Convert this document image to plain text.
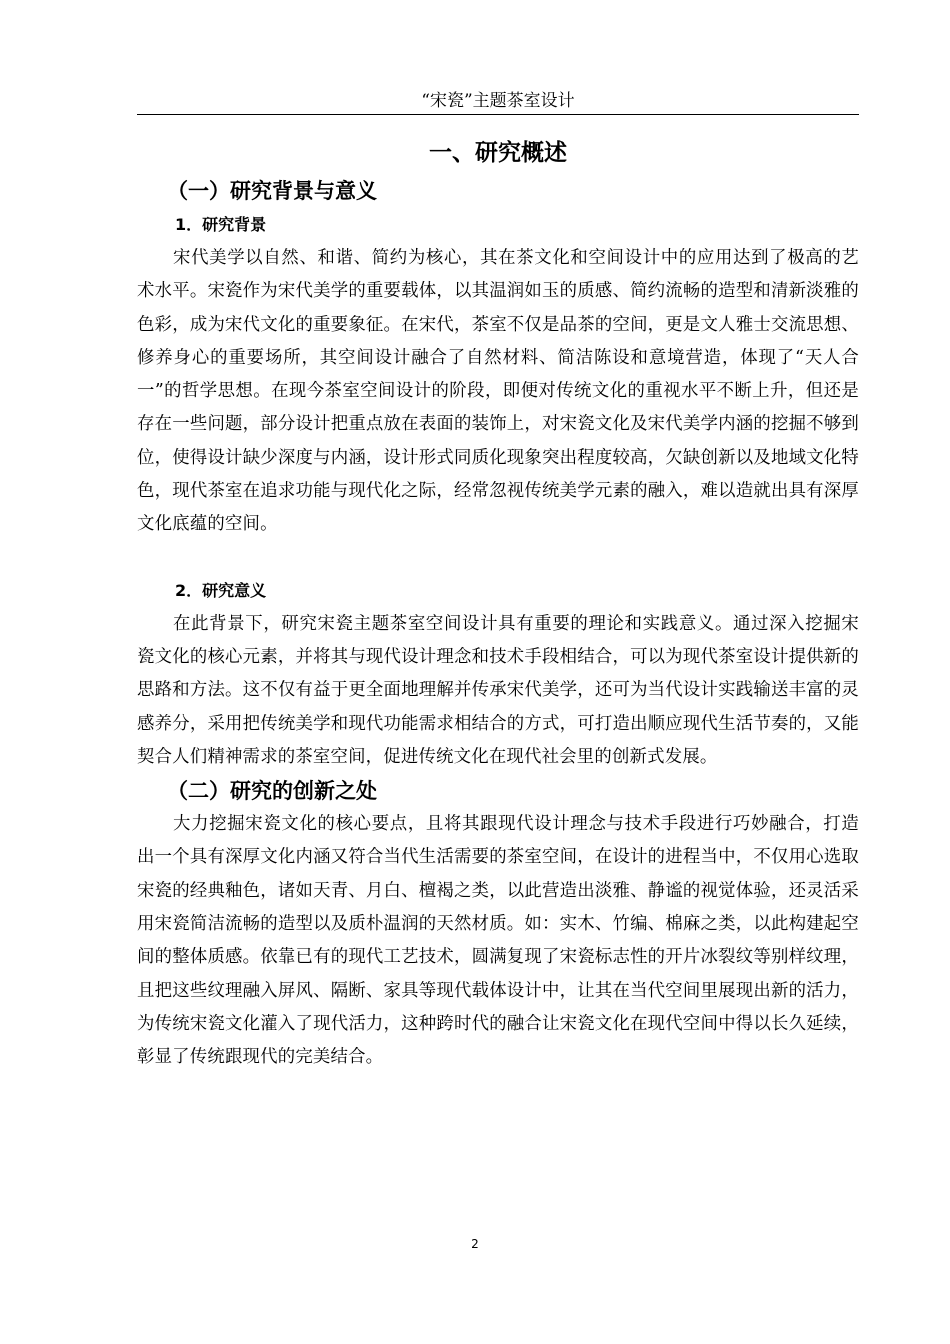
“宋瓷”主题茶室设计
一、研究概述
（一）研究背景与意义
1．研究背景

宋代美学以自然、和谐、简约为核心，其在茶文化和空间设计中的应用达到了极高的艺术水平。宋瓷作为宋代美学的重要载体，以其温润如玉的质感、简约流畅的造型和清新淡雅的色彩，成为宋代文化的重要象征。在宋代，茶室不仅是品茶的空间，更是文人雅士交流思想、修养身心的重要场所，其空间设计融合了自然材料、简洁陈设和意境营造，体现了“天人合一”的哲学思想。在现今茶室空间设计的阶段，即便对传统文化的重视水平不断上升，但还是存在一些问题，部分设计把重点放在表面的装饰上，对宋瓷文化及宋代美学内涵的挖掘不够到位，使得设计缺少深度与内涵，设计形式同质化现象突出程度较高，欠缺创新以及地域文化特色，现代茶室在追求功能与现代化之际，经常忽视传统美学元素的融入，难以造就出具有深厚文化底蕴的空间。

2．研究意义

在此背景下，研究宋瓷主题茶室空间设计具有重要的理论和实践意义。通过深入挖掘宋瓷文化的核心元素，并将其与现代设计理念和技术手段相结合，可以为现代茶室设计提供新的思路和方法。这不仅有益于更全面地理解并传承宋代美学，还可为当代设计实践输送丰富的灵感养分，采用把传统美学和现代功能需求相结合的方式，可打造出顺应现代生活节奏的，又能契合人们精神需求的茶室空间，促进传统文化在现代社会里的创新式发展。

（二）研究的创新之处

大力挖掘宋瓷文化的核心要点，且将其跟现代设计理念与技术手段进行巧妙融合，打造出一个具有深厚文化内涵又符合当代生活需要的茶室空间，在设计的进程当中，不仅用心选取宋瓷的经典釉色，诸如天青、月白、檀褐之类，以此营造出淡雅、静谧的视觉体验，还灵活采用宋瓷简洁流畅的造型以及质朴温润的天然材质。如：实木、竹编、棉麻之类，以此构建起空间的整体质感。依靠已有的现代工艺技术，圆满复现了宋瓷标志性的开片冰裂纹等别样纹理，且把这些纹理融入屏风、隔断、家具等现代载体设计中，让其在当代空间里展现出新的活力，为传统宋瓷文化灌入了现代活力，这种跨时代的融合让宋瓷文化在现代空间中得以长久延续，彰显了传统跟现代的完美结合。

2
